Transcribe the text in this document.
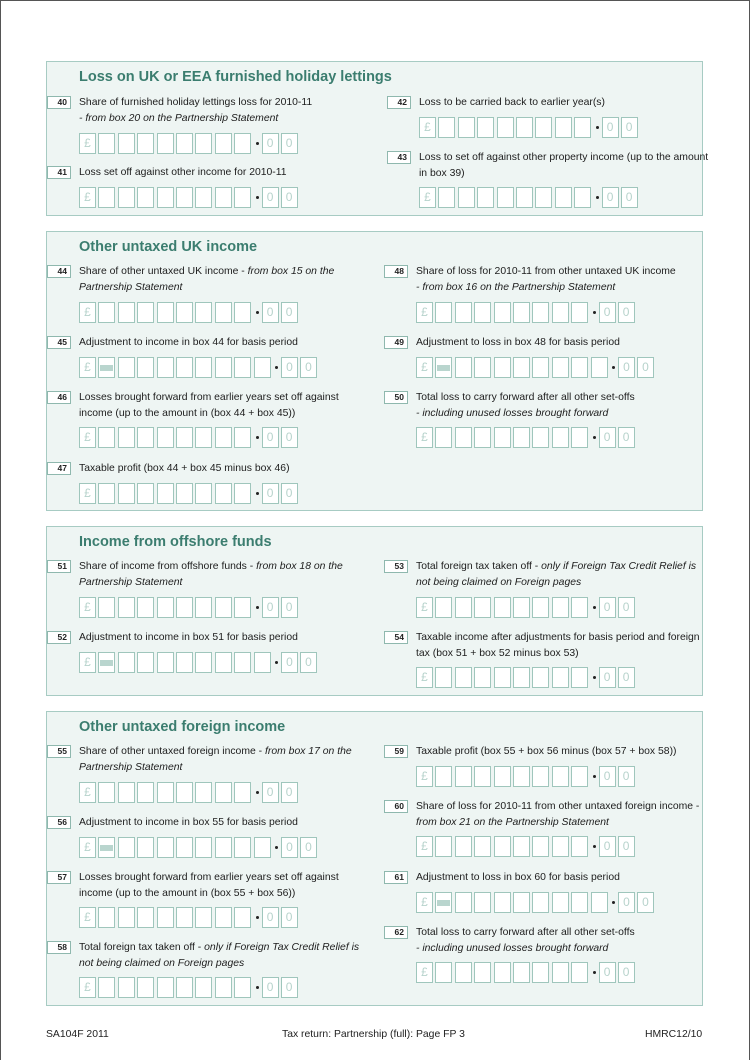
Loss on UK or EEA furnished holiday lettings
40	Share of furnished holiday lettings loss for 2010-11
- from box 20 on the Partnership Statement
£	0	0
41	Loss set off against other income for 2010-11
£	0	0
42	Loss to be carried back to earlier year(s)
£	0	0
43	Loss to set off against other property income (up to the amount in box 39)
£	0	0
Other untaxed UK income
44	Share of other untaxed UK income - from box 15 on the Partnership Statement
£	0	0
45	Adjustment to income in box 44 for basis period
£	0	0
46	Losses brought forward from earlier years set off against income (up to the amount in (box 44 + box 45))
£	0	0
47	Taxable profit (box 44 + box 45 minus box 46)
£	0	0
48	Share of loss for 2010-11 from other untaxed UK income
- from box 16 on the Partnership Statement
£	0	0
49	Adjustment to loss in box 48 for basis period
£	0	0
50	Total loss to carry forward after all other set-offs
- including unused losses brought forward
£	0	0
Income from offshore funds
51	Share of income from offshore funds - from box 18 on the Partnership Statement
£	0	0
52	Adjustment to income in box 51 for basis period
£	0	0
53	Total foreign tax taken off - only if Foreign Tax Credit Relief is not being claimed on Foreign pages
£	0	0
54	Taxable income after adjustments for basis period and foreign tax (box 51 + box 52 minus box 53)
£	0	0
Other untaxed foreign income
55	Share of other untaxed foreign income - from box 17 on the Partnership Statement
£	0	0
56	Adjustment to income in box 55 for basis period
£	0	0
57	Losses brought forward from earlier years set off against income (up to the amount in (box 55 + box 56))
£	0	0
58	Total foreign tax taken off - only if Foreign Tax Credit Relief is not being claimed on Foreign pages
£	0	0
59	Taxable profit (box 55 + box 56 minus (box 57 + box 58))
£	0	0
60	Share of loss for 2010-11 from other untaxed foreign income - from box 21 on the Partnership Statement
£	0	0
61	Adjustment to loss in box 60 for basis period
£	0	0
62	Total loss to carry forward after all other set-offs
- including unused losses brought forward
£	0	0
SA104F 2011	Tax return: Partnership (full): Page FP 3	HMRC12/10
